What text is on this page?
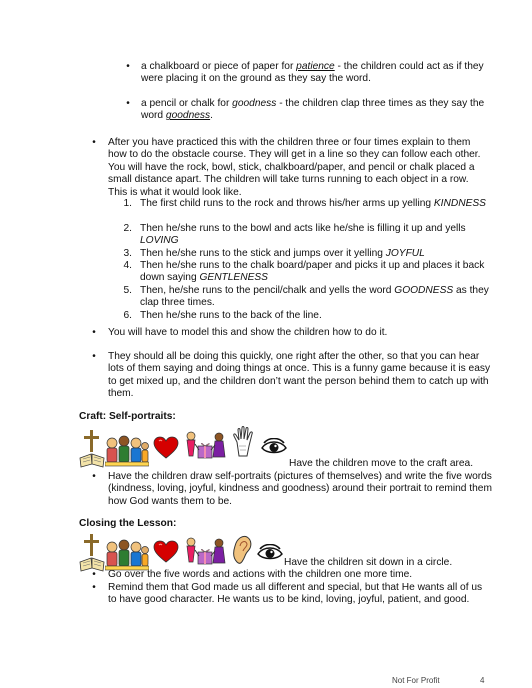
• a chalkboard or piece of paper for patience - the children could act as if they were placing it on the ground as they say the word.
• a pencil or chalk for goodness - the children clap three times as they say the word goodness.
• After you have practiced this with the children three or four times explain to them how to do the obstacle course. They will get in a line so they can follow each other. You will have the rock, bowl, stick, chalkboard/paper, and pencil or chalk placed a small distance apart. The children will take turns running to each object in a row. This is what it would look like.
1. The first child runs to the rock and throws his/her arms up yelling KINDNESS
2. Then he/she runs to the bowl and acts like he/she is filling it up and yells LOVING
3. Then he/she runs to the stick and jumps over it yelling JOYFUL
4. Then he/she runs to the chalk board/paper and picks it up and places it back down saying GENTLENESS
5. Then, he/she runs to the pencil/chalk and yells the word GOODNESS as they clap three times.
6. Then he/she runs to the back of the line.
• You will have to model this and show the children how to do it.
• They should all be doing this quickly, one right after the other, so that you can hear lots of them saying and doing things at once. This is a funny game because it is easy to get mixed up, and the children don’t want the person behind them to catch up with them.
Craft: Self-portraits:
Have the children move to the craft area.
• Have the children draw self-portraits (pictures of themselves) and write the five words (kindness, loving, joyful, kindness and goodness) around their portrait to remind them how God wants them to be.
Closing the Lesson:
Have the children sit down in a circle.
• Go over the five words and actions with the children one more time.
• Remind them that God made us all different and special, but that He wants all of us to have good character. He wants us to be kind, loving, joyful, patient, and good.
Not For Profit	4
